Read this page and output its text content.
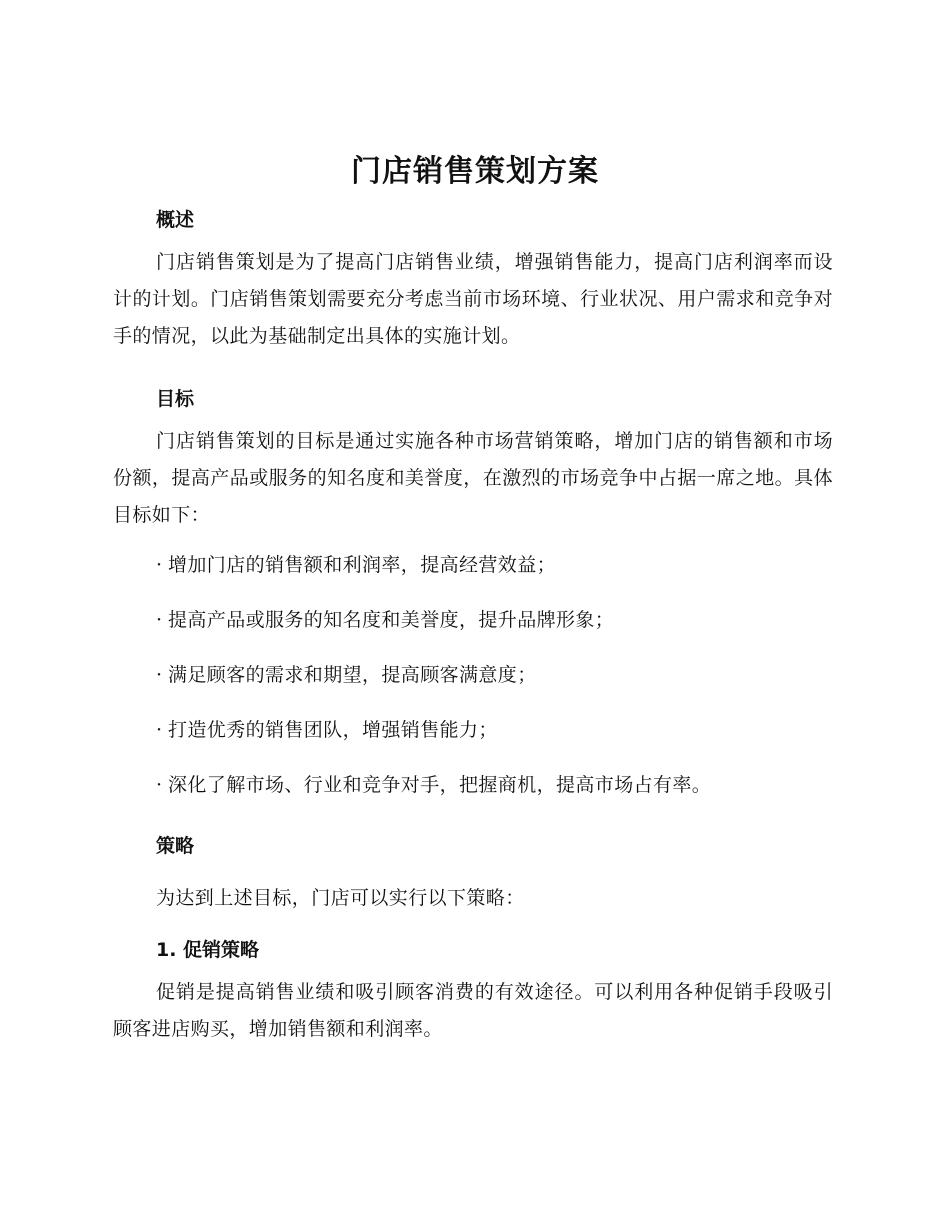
门店销售策划方案
概述

门店销售策划是为了提高门店销售业绩，增强销售能力，提高门店利润率而设计的计划。门店销售策划需要充分考虑当前市场环境、行业状况、用户需求和竞争对手的情况，以此为基础制定出具体的实施计划。

目标

门店销售策划的目标是通过实施各种市场营销策略，增加门店的销售额和市场份额，提高产品或服务的知名度和美誉度，在激烈的市场竞争中占据一席之地。具体目标如下：

· 增加门店的销售额和利润率，提高经营效益；
· 提高产品或服务的知名度和美誉度，提升品牌形象；
· 满足顾客的需求和期望，提高顾客满意度；
· 打造优秀的销售团队，增强销售能力；
· 深化了解市场、行业和竞争对手，把握商机，提高市场占有率。
策略

为达到上述目标，门店可以实行以下策略：

1. 促销策略

促销是提高销售业绩和吸引顾客消费的有效途径。可以利用各种促销手段吸引顾客进店购买，增加销售额和利润率。
